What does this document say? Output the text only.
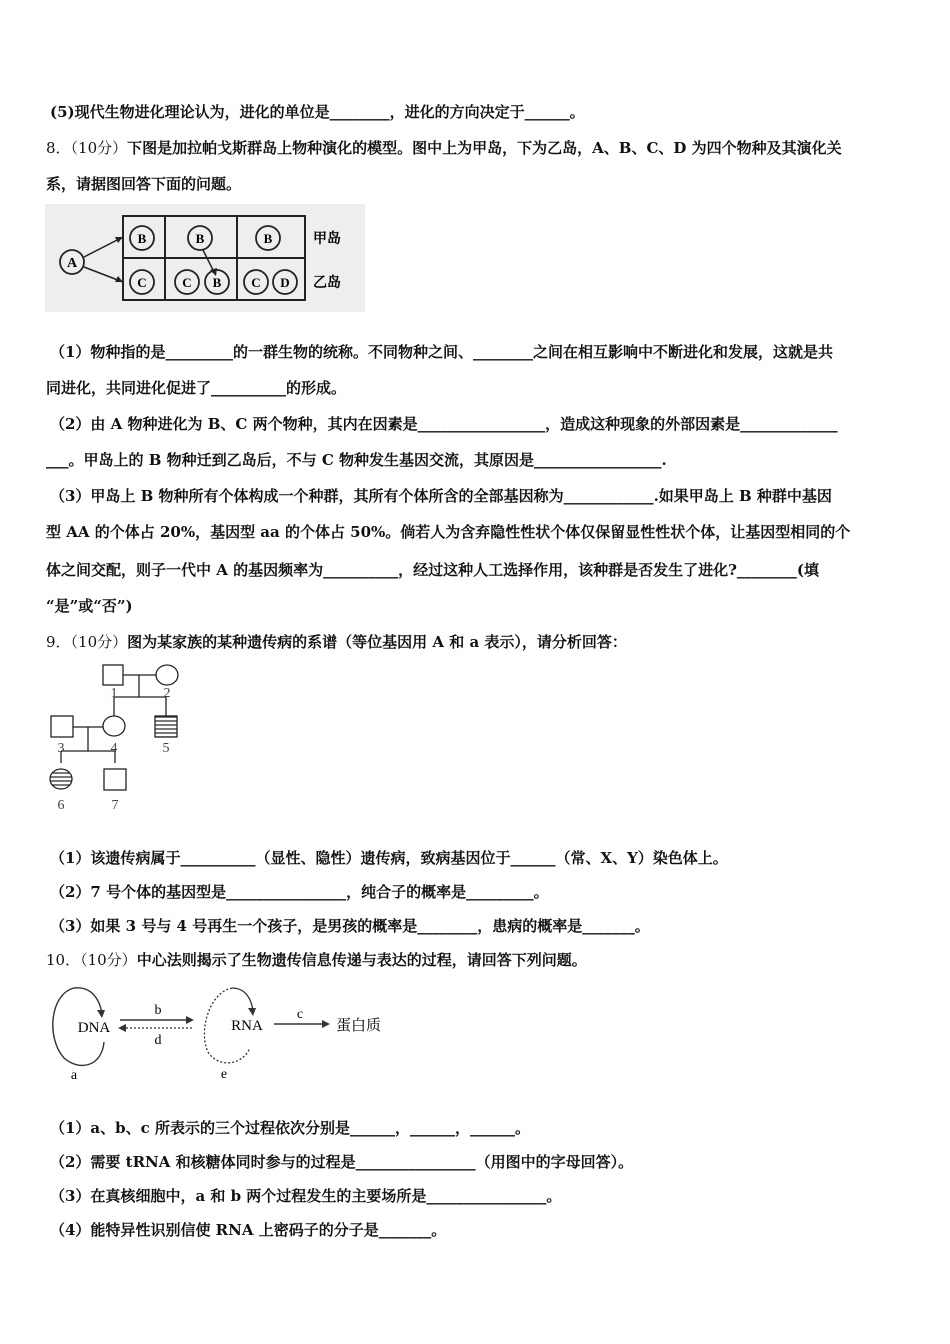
(5)现代生物进化理论认为，进化的单位是________，进化的方向决定于______。
8．（10分）下图是加拉帕戈斯群岛上物种演化的模型。图中上为甲岛，下为乙岛，A、B、C、D 为四个物种及其演化关
系，请据图回答下面的问题。
A
B	B	B
C	C B C D
甲岛
乙岛
（1）物种指的是_________的一群生物的统称。不同物种之间、________之间在相互影响中不断进化和发展，这就是共
同进化，共同进化促进了__________的形成。
（2）由 A 物种进化为 B、C 两个物种，其内在因素是_________________，造成这种现象的外部因素是_____________
___。甲岛上的 B 物种迁到乙岛后，不与 C 物种发生基因交流，其原因是_________________.
（3）甲岛上 B 物种所有个体构成一个种群，其所有个体所含的全部基因称为____________.如果甲岛上 B 种群中基因
型 AA 的个体占 20%，基因型 aa 的个体占 50%。倘若人为含弃隐性性状个体仅保留显性性状个体，让基因型相同的个
体之间交配，则子一代中 A 的基因频率为__________，经过这种人工选择作用，该种群是否发生了进化?________(填
“是”或“否”)
9．（10分）图为某家族的某种遗传病的系谱（等位基因用 A 和 a 表示），请分析回答：
1	2
3	4	5
6	7
（1）该遗传病属于__________（显性、隐性）遗传病，致病基因位于______（常、X、Y）染色体上。
（2）7 号个体的基因型是________________，纯合子的概率是_________。
（3）如果 3 号与 4 号再生一个孩子，是男孩的概率是________，患病的概率是_______。
10．（10分）中心法则揭示了生物遗传信息传递与表达的过程，请回答下列问题。
DNA
a
b
d
RNA
e
c
蛋白质
（1）a、b、c 所表示的三个过程依次分别是______，______，______。
（2）需要 tRNA 和核糖体同时参与的过程是________________（用图中的字母回答）。
（3）在真核细胞中，a 和 b 两个过程发生的主要场所是________________。
（4）能特异性识别信使 RNA 上密码子的分子是_______。
